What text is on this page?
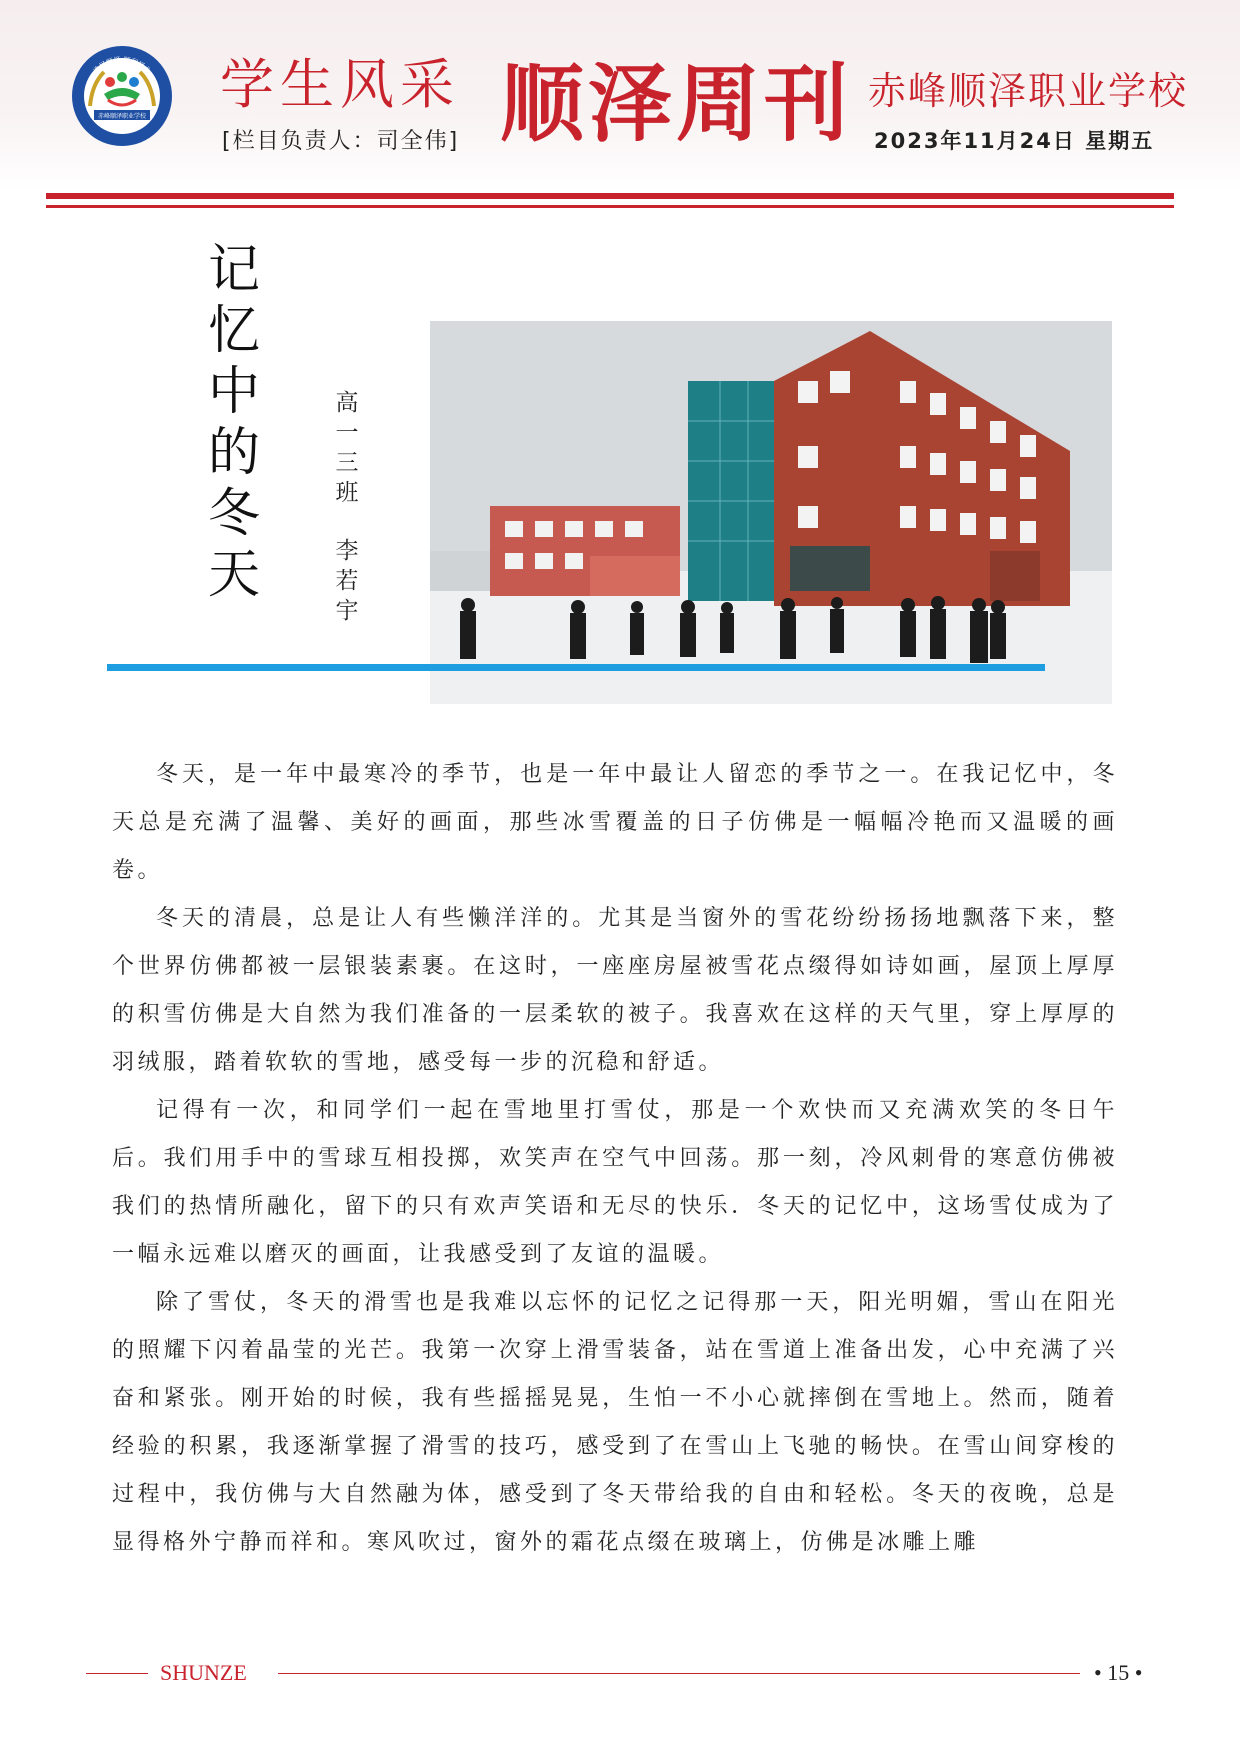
赤峰顺泽职业学校
选择顺泽 顺利择业 学生风采
[栏目负责人：司全伟] 顺泽周刊 赤峰顺泽职业学校
2023年11月24日 星期五
记忆中的冬天
高一三班
李若宇

冬天，是一年中最寒冷的季节，也是一年中最让人留恋的季节之一。在我记忆中，冬天总是充满了温馨、美好的画面，那些冰雪覆盖的日子仿佛是一幅幅冷艳而又温暖的画卷。

冬天的清晨，总是让人有些懒洋洋的。尤其是当窗外的雪花纷纷扬扬地飘落下来，整个世界仿佛都被一层银装素裹。在这时，一座座房屋被雪花点缀得如诗如画，屋顶上厚厚的积雪仿佛是大自然为我们准备的一层柔软的被子。我喜欢在这样的天气里，穿上厚厚的羽绒服，踏着软软的雪地，感受每一步的沉稳和舒适。

记得有一次，和同学们一起在雪地里打雪仗，那是一个欢快而又充满欢笑的冬日午后。我们用手中的雪球互相投掷，欢笑声在空气中回荡。那一刻，冷风刺骨的寒意仿佛被我们的热情所融化，留下的只有欢声笑语和无尽的快乐．冬天的记忆中，这场雪仗成为了一幅永远难以磨灭的画面，让我感受到了友谊的温暖。

除了雪仗，冬天的滑雪也是我难以忘怀的记忆之记得那一天，阳光明媚，雪山在阳光的照耀下闪着晶莹的光芒。我第一次穿上滑雪装备，站在雪道上准备出发，心中充满了兴奋和紧张。刚开始的时候，我有些摇摇晃晃，生怕一不小心就摔倒在雪地上。然而，随着经验的积累，我逐渐掌握了滑雪的技巧，感受到了在雪山上飞驰的畅快。在雪山间穿梭的过程中，我仿佛与大自然融为体，感受到了冬天带给我的自由和轻松。冬天的夜晚，总是显得格外宁静而祥和。寒风吹过，窗外的霜花点缀在玻璃上，仿佛是冰雕上雕

SHUNZE	• 15 •
